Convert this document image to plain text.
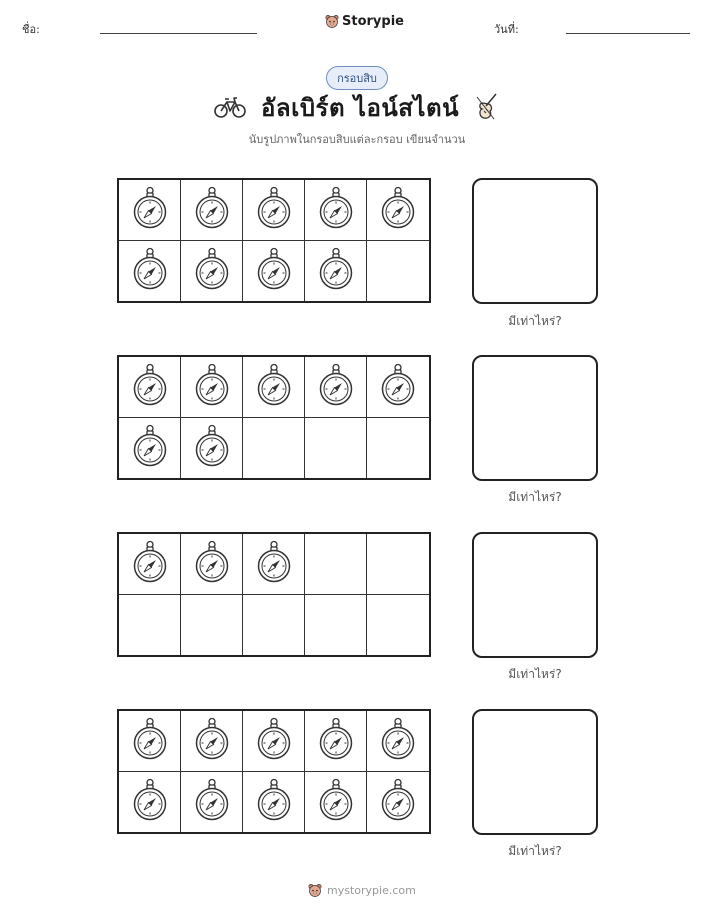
ชื่อ:
Storypie
วันที่:
กรอบสิบ
อัลเบิร์ต ไอน์สไตน์
นับรูปภาพในกรอบสิบแต่ละกรอบ เขียนจำนวน
มีเท่าไหร่?
มีเท่าไหร่?
มีเท่าไหร่?
มีเท่าไหร่?
mystorypie.com
